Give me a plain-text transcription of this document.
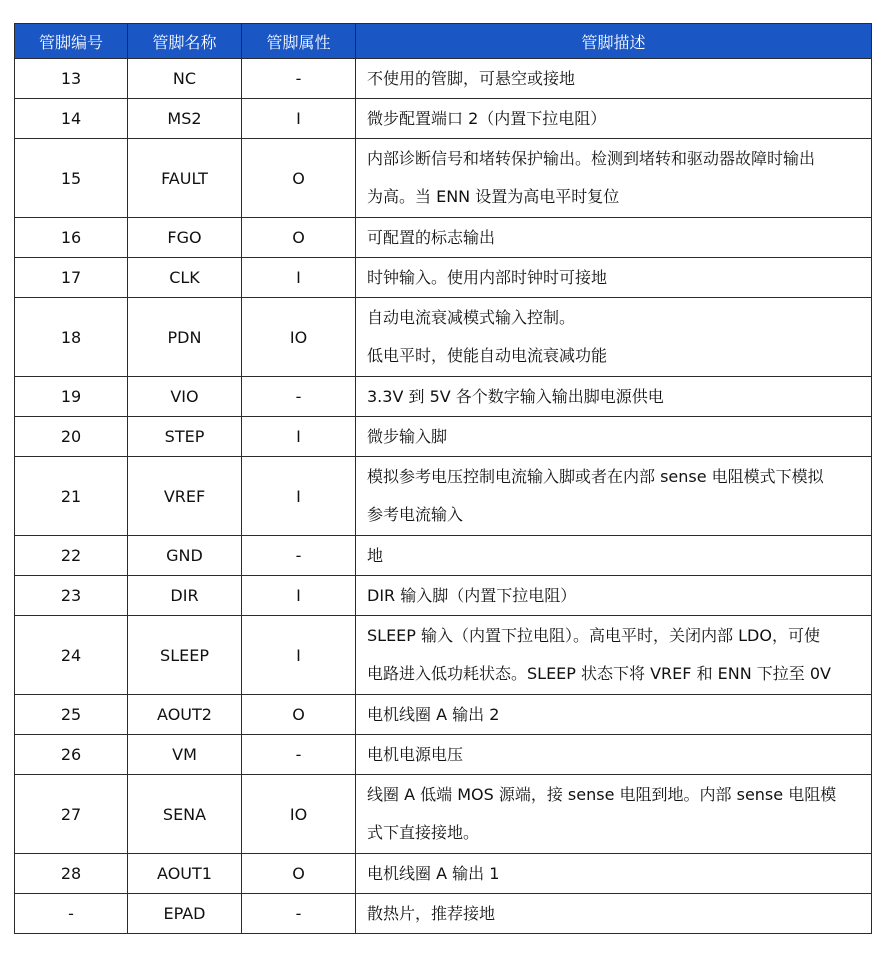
管脚编号	管脚名称	管脚属性	管脚描述
13	NC	-	不使用的管脚，可悬空或接地

14	MS2	I	微步配置端口 2（内置下拉电阻）

15	FAULT	O	内部诊断信号和堵转保护输出。检测到堵转和驱动器故障时输出
为高。当 ENN 设置为高电平时复位

16	FGO	O	可配置的标志输出

17	CLK	I	时钟输入。使用内部时钟时可接地

18	PDN	IO	自动电流衰减模式输入控制。
低电平时，使能自动电流衰减功能

19	VIO	-	3.3V 到 5V 各个数字输入输出脚电源供电

20	STEP	I	微步输入脚

21	VREF	I	模拟参考电压控制电流输入脚或者在内部 sense 电阻模式下模拟
参考电流输入

22	GND	-	地

23	DIR	I	DIR 输入脚（内置下拉电阻）

24	SLEEP	I	SLEEP 输入（内置下拉电阻）。高电平时，关闭内部 LDO，可使
电路进入低功耗状态。SLEEP 状态下将 VREF 和 ENN 下拉至 0V

25	AOUT2	O	电机线圈 A 输出 2

26	VM	-	电机电源电压

27	SENA	IO	线圈 A 低端 MOS 源端，接 sense 电阻到地。内部 sense 电阻模
式下直接接地。

28	AOUT1	O	电机线圈 A 输出 1

-	EPAD	-	散热片，推荐接地
